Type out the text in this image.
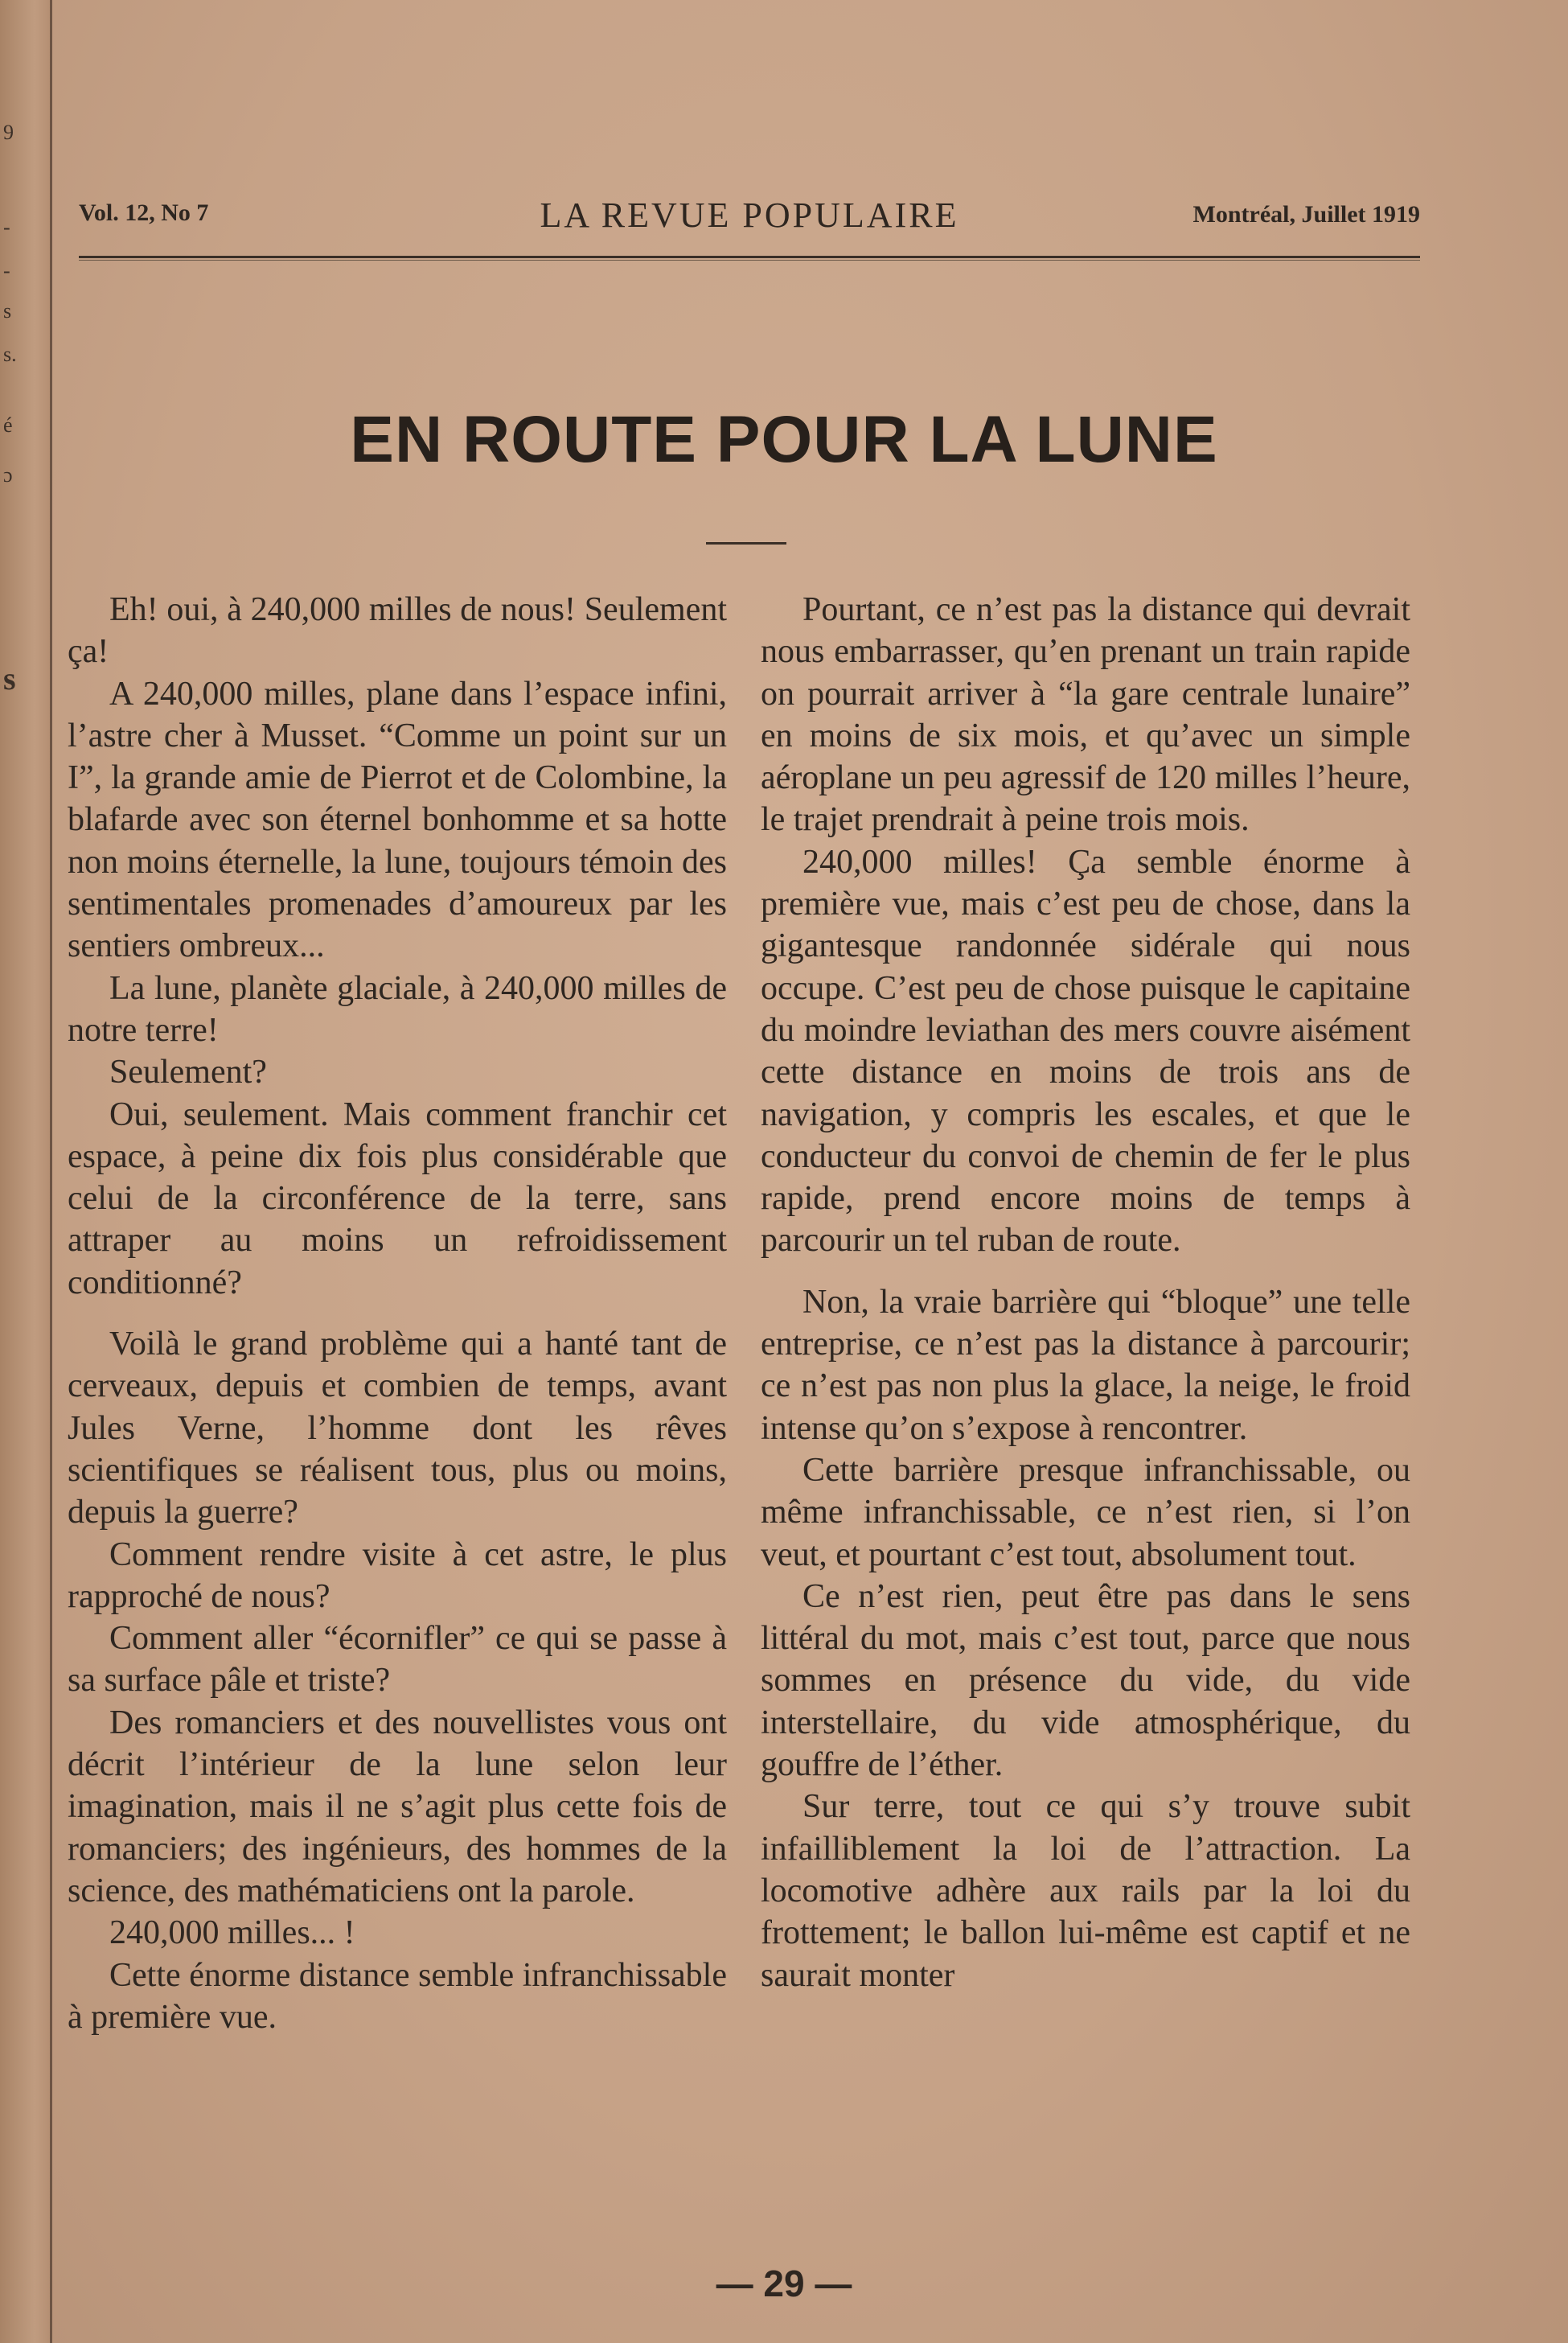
9
-
-
s
s.
é
ɔ
s
Vol. 12, No 7	LA REVUE POPULAIRE	Montréal, Juillet 1919
EN ROUTE POUR LA LUNE

Eh! oui, à 240,000 milles de nous! Seulement ça!

A 240,000 milles, plane dans l’espace infini, l’astre cher à Musset. “Comme un point sur un I”, la grande amie de Pierrot et de Colombine, la blafarde avec son éternel bonhomme et sa hotte non moins éternelle, la lune, toujours témoin des sentimentales promenades d’amoureux par les sentiers ombreux...

La lune, planète glaciale, à 240,000 milles de notre terre!

Seulement?

Oui, seulement. Mais comment franchir cet espace, à peine dix fois plus considérable que celui de la circonférence de la terre, sans attraper au moins un refroidissement conditionné?

Voilà le grand problème qui a hanté tant de cerveaux, depuis et combien de temps, avant Jules Verne, l’homme dont les rêves scientifiques se réalisent tous, plus ou moins, depuis la guerre?

Comment rendre visite à cet astre, le plus rapproché de nous?

Comment aller “écornifler” ce qui se passe à sa surface pâle et triste?

Des romanciers et des nouvellistes vous ont décrit l’intérieur de la lune selon leur imagination, mais il ne s’agit plus cette fois de romanciers; des ingénieurs, des hommes de la science, des mathématiciens ont la parole.

240,000 milles... !

Cette énorme distance semble infranchissable à première vue.

Pourtant, ce n’est pas la distance qui devrait nous embarrasser, qu’en prenant un train rapide on pourrait arriver à “la gare centrale lunaire” en moins de six mois, et qu’avec un simple aéroplane un peu agressif de 120 milles l’heure, le trajet prendrait à peine trois mois.

240,000 milles! Ça semble énorme à première vue, mais c’est peu de chose, dans la gigantesque randonnée sidérale qui nous occupe. C’est peu de chose puisque le capitaine du moindre leviathan des mers couvre aisément cette distance en moins de trois ans de navigation, y compris les escales, et que le conducteur du convoi de chemin de fer le plus rapide, prend encore moins de temps à parcourir un tel ruban de route.

Non, la vraie barrière qui “bloque” une telle entreprise, ce n’est pas la distance à parcourir; ce n’est pas non plus la glace, la neige, le froid intense qu’on s’expose à rencontrer.

Cette barrière presque infranchissable, ou même infranchissable, ce n’est rien, si l’on veut, et pourtant c’est tout, absolument tout.

Ce n’est rien, peut être pas dans le sens littéral du mot, mais c’est tout, parce que nous sommes en présence du vide, du vide interstellaire, du vide atmosphérique, du gouffre de l’éther.

Sur terre, tout ce qui s’y trouve subit infailliblement la loi de l’attraction. La locomotive adhère aux rails par la loi du frottement; le ballon lui-même est captif et ne saurait monter

— 29 —
